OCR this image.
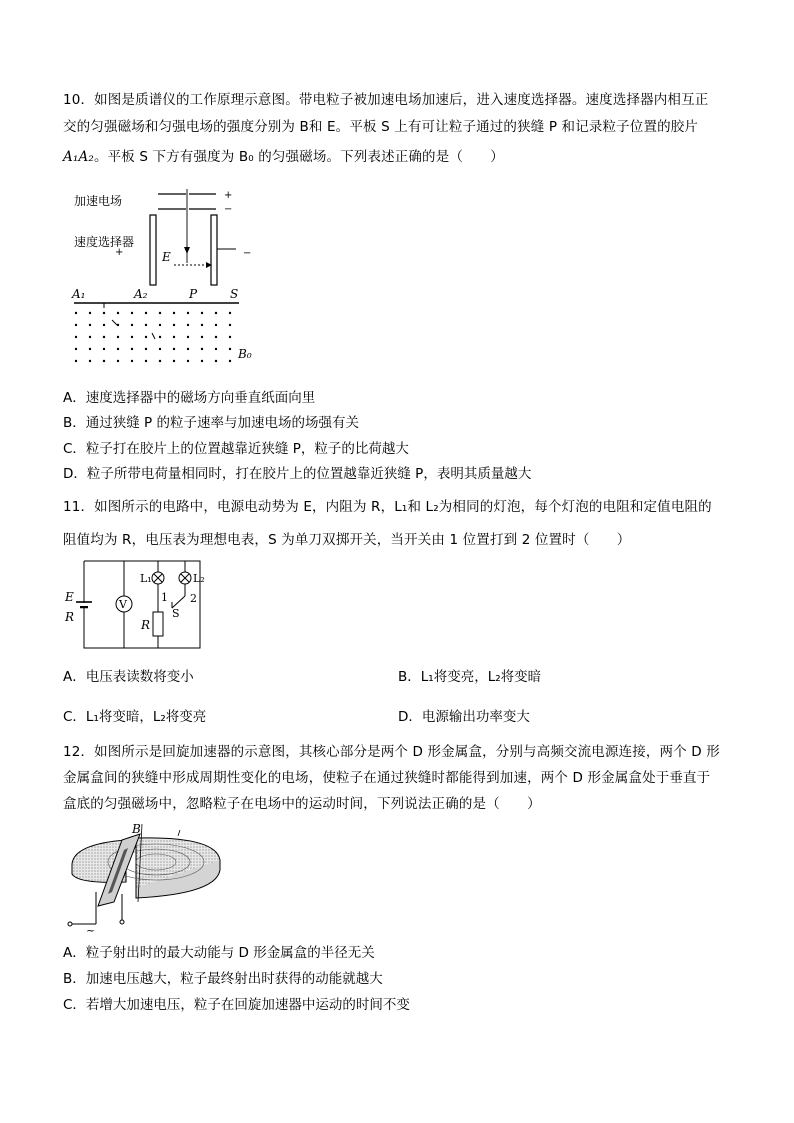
10．如图是质谱仪的工作原理示意图。带电粒子被加速电场加速后，进入速度选择器。速度选择器内相互正
交的匀强磁场和匀强电场的强度分别为 B和 E。平板 S 上有可让粒子通过的狭缝 P 和记录粒子位置的胶片
A₁A₂。平板 S 下方有强度为 B₀ 的匀强磁场。下列表述正确的是（　　）
加速电场
速度选择器
+
+
−
−
E
A₁	A₂	P	S
B₀
A．速度选择器中的磁场方向垂直纸面向里
B．通过狭缝 P 的粒子速率与加速电场的场强有关
C．粒子打在胶片上的位置越靠近狭缝 P，粒子的比荷越大
D．粒子所带电荷量相同时，打在胶片上的位置越靠近狭缝 P，表明其质量越大
11．如图所示的电路中，电源电动势为 E，内阻为 R，L₁和 L₂为相同的灯泡，每个灯泡的电阻和定值电阻的
阻值均为 R，电压表为理想电表，S 为单刀双掷开关，当开关由 1 位置打到 2 位置时（　　）
E
R
V
L₁	L₂
1 2
S
R
A．电压表读数将变小	B．L₁将变亮，L₂将变暗
C．L₁将变暗，L₂将变亮	D．电源输出功率变大
12．如图所示是回旋加速器的示意图，其核心部分是两个 D 形金属盒，分别与高频交流电源连接，两个 D 形
金属盒间的狭缝中形成周期性变化的电场，使粒子在通过狭缝时都能得到加速，两个 D 形金属盒处于垂直于
盒底的匀强磁场中，忽略粒子在电场中的运动时间，下列说法正确的是（　　）
B
~
A．粒子射出时的最大动能与 D 形金属盒的半径无关
B．加速电压越大，粒子最终射出时获得的动能就越大
C．若增大加速电压，粒子在回旋加速器中运动的时间不变
